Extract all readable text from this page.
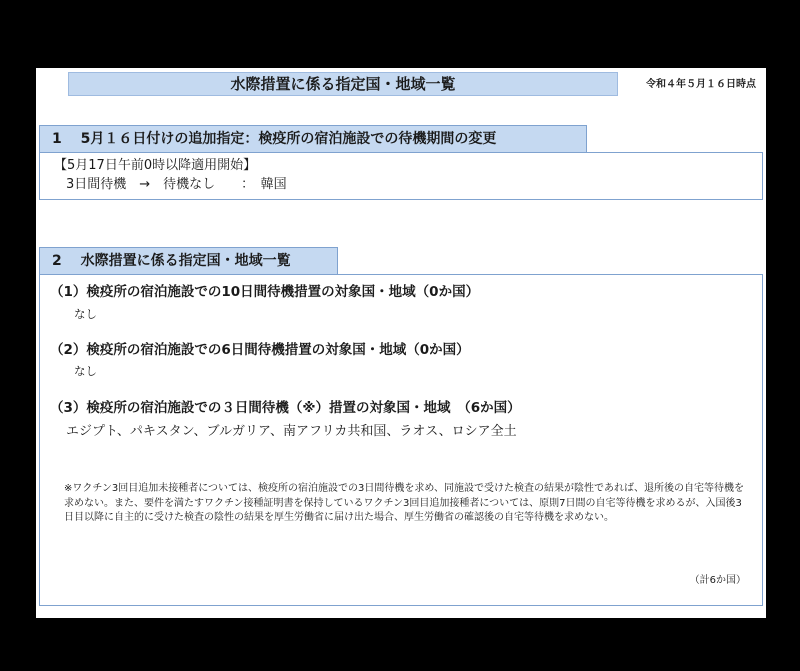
水際措置に係る指定国・地域一覧	令和４年５月１６日時点
1　 5月１６日付けの追加指定：検疫所の宿泊施設での待機期間の変更
【5月17日午前0時以降適用開始】
3日間待機　→　待機なし　　：　韓国
2　 水際措置に係る指定国・地域一覧
（1）検疫所の宿泊施設での10日間待機措置の対象国・地域（0か国）
なし
（2）検疫所の宿泊施設での6日間待機措置の対象国・地域（0か国）
なし
（3）検疫所の宿泊施設での３日間待機（※）措置の対象国・地域　（6か国）
エジプト、パキスタン、ブルガリア、南アフリカ共和国、ラオス、ロシア全土
※ワクチン3回目追加未接種者については、検疫所の宿泊施設での3日間待機を求め、同施設で受けた検査の結果が陰性であれば、退所後の自宅等待機を求めない。また、要件を満たすワクチン接種証明書を保持しているワクチン3回目追加接種者については、原則7日間の自宅等待機を求めるが、入国後3日目以降に自主的に受けた検査の陰性の結果を厚生労働省に届け出た場合、厚生労働省の確認後の自宅等待機を求めない。
（計6か国）
